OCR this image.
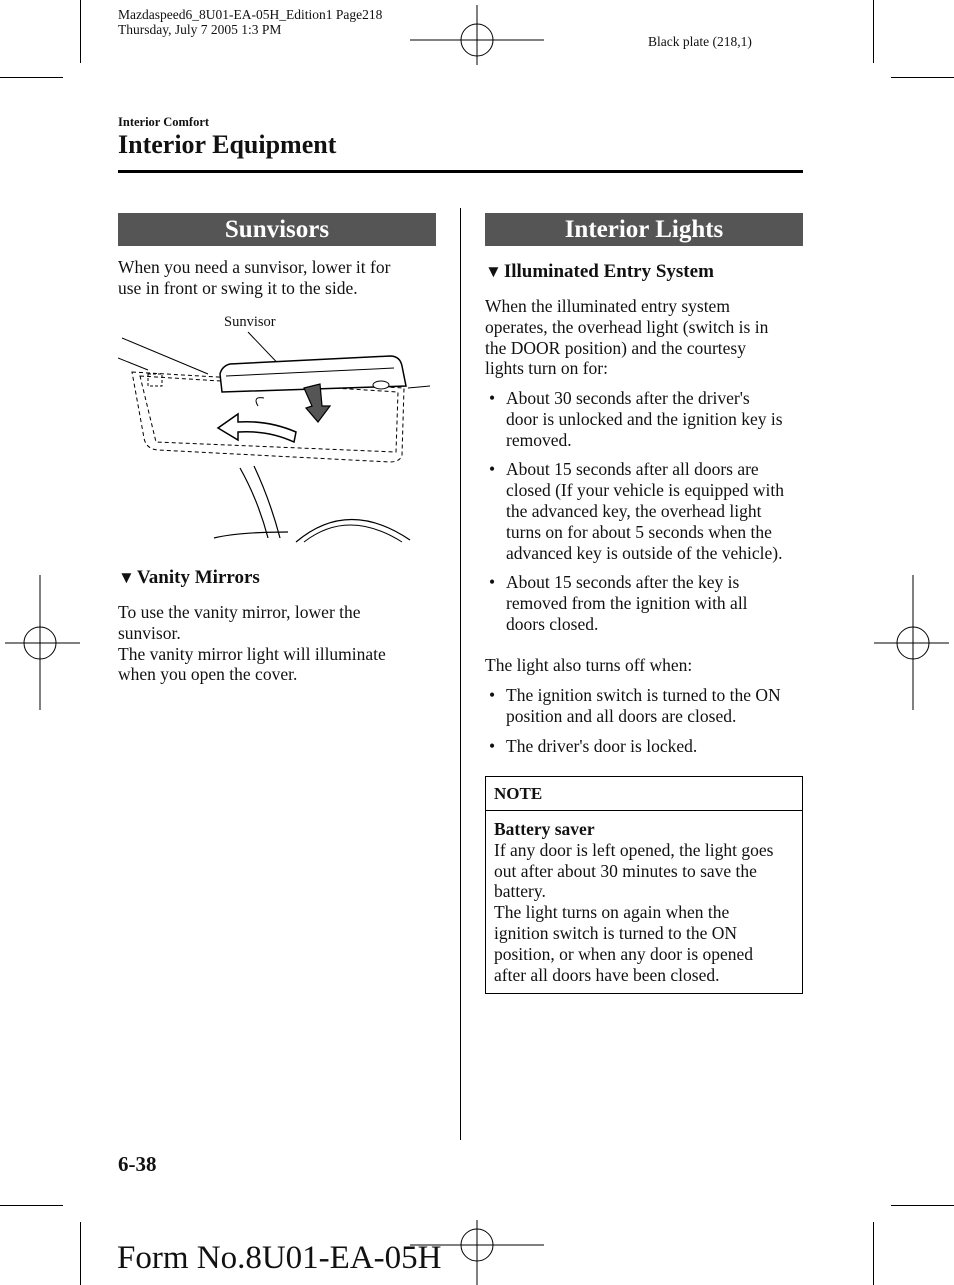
Mazdaspeed6_8U01-EA-05H_Edition1 Page218
Thursday, July 7 2005 1:3 PM
Black plate (218,1)
Interior Comfort
Interior Equipment
Sunvisors
When you need a sunvisor, lower it for
use in front or swing it to the side.
Sunvisor
▼ Vanity Mirrors
To use the vanity mirror, lower the
sunvisor.
The vanity mirror light will illuminate
when you open the cover.
Interior Lights
▼ Illuminated Entry System
When the illuminated entry system
operates, the overhead light (switch is in
the DOOR position) and the courtesy
lights turn on for:
• About 30 seconds after the driver's
door is unlocked and the ignition key is
removed.
• About 15 seconds after all doors are
closed (If your vehicle is equipped with
the advanced key, the overhead light
turns on for about 5 seconds when the
advanced key is outside of the vehicle).
• About 15 seconds after the key is
removed from the ignition with all
doors closed.
The light also turns off when:
• The ignition switch is turned to the ON
position and all doors are closed.
• The driver's door is locked.
NOTE
Battery saver
If any door is left opened, the light goes
out after about 30 minutes to save the
battery.
The light turns on again when the
ignition switch is turned to the ON
position, or when any door is opened
after all doors have been closed.
6-38
Form No.8U01-EA-05H
